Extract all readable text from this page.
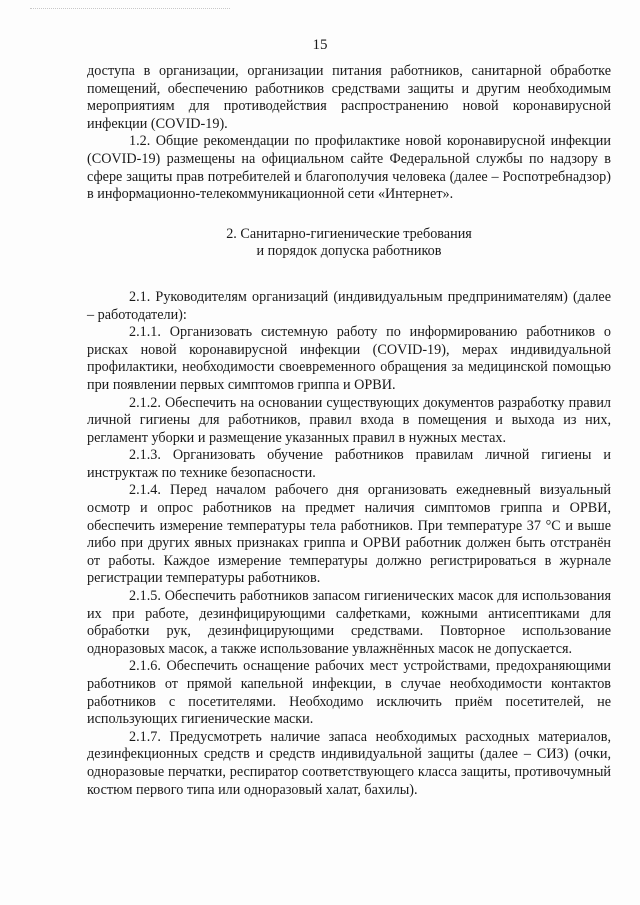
15

доступа в организации, организации питания работников, санитарной обработке помещений, обеспечению работников средствами защиты и другим необходимым мероприятиям для противодействия распространению новой коронавирусной инфекции (COVID-19).

1.2. Общие рекомендации по профилактике новой коронавирусной инфекции (COVID-19) размещены на официальном сайте Федеральной службы по надзору в сфере защиты прав потребителей и благополучия человека (далее – Роспотребнадзор) в информационно-телекоммуникационной сети «Интернет».

2. Санитарно-гигиенические требования
и порядок допуска работников

2.1. Руководителям организаций (индивидуальным предпринимателям) (далее – работодатели):

2.1.1. Организовать системную работу по информированию работников о рисках новой коронавирусной инфекции (COVID-19), мерах индивидуальной профилактики, необходимости своевременного обращения за медицинской помощью при появлении первых симптомов гриппа и ОРВИ.

2.1.2. Обеспечить на основании существующих документов разработку правил личной гигиены для работников, правил входа в помещения и выхода из них, регламент уборки и размещение указанных правил в нужных местах.

2.1.3. Организовать обучение работников правилам личной гигиены и инструктаж по технике безопасности.

2.1.4. Перед началом рабочего дня организовать ежедневный визуальный осмотр и опрос работников на предмет наличия симптомов гриппа и ОРВИ, обеспечить измерение температуры тела работников. При температуре 37 °С и выше либо при других явных признаках гриппа и ОРВИ работник должен быть отстранён от работы. Каждое измерение температуры должно регистрироваться в журнале регистрации температуры работников.

2.1.5. Обеспечить работников запасом гигиенических масок для использования их при работе, дезинфицирующими салфетками, кожными антисептиками для обработки рук, дезинфицирующими средствами. Повторное использование одноразовых масок, а также использование увлажнённых масок не допускается.

2.1.6. Обеспечить оснащение рабочих мест устройствами, предохраняющими работников от прямой капельной инфекции, в случае необходимости контактов работников с посетителями. Необходимо исключить приём посетителей, не использующих гигиенические маски.

2.1.7. Предусмотреть наличие запаса необходимых расходных материалов, дезинфекционных средств и средств индивидуальной защиты (далее – СИЗ) (очки, одноразовые перчатки, респиратор соответствующего класса защиты, противочумный костюм первого типа или одноразовый халат, бахилы).
